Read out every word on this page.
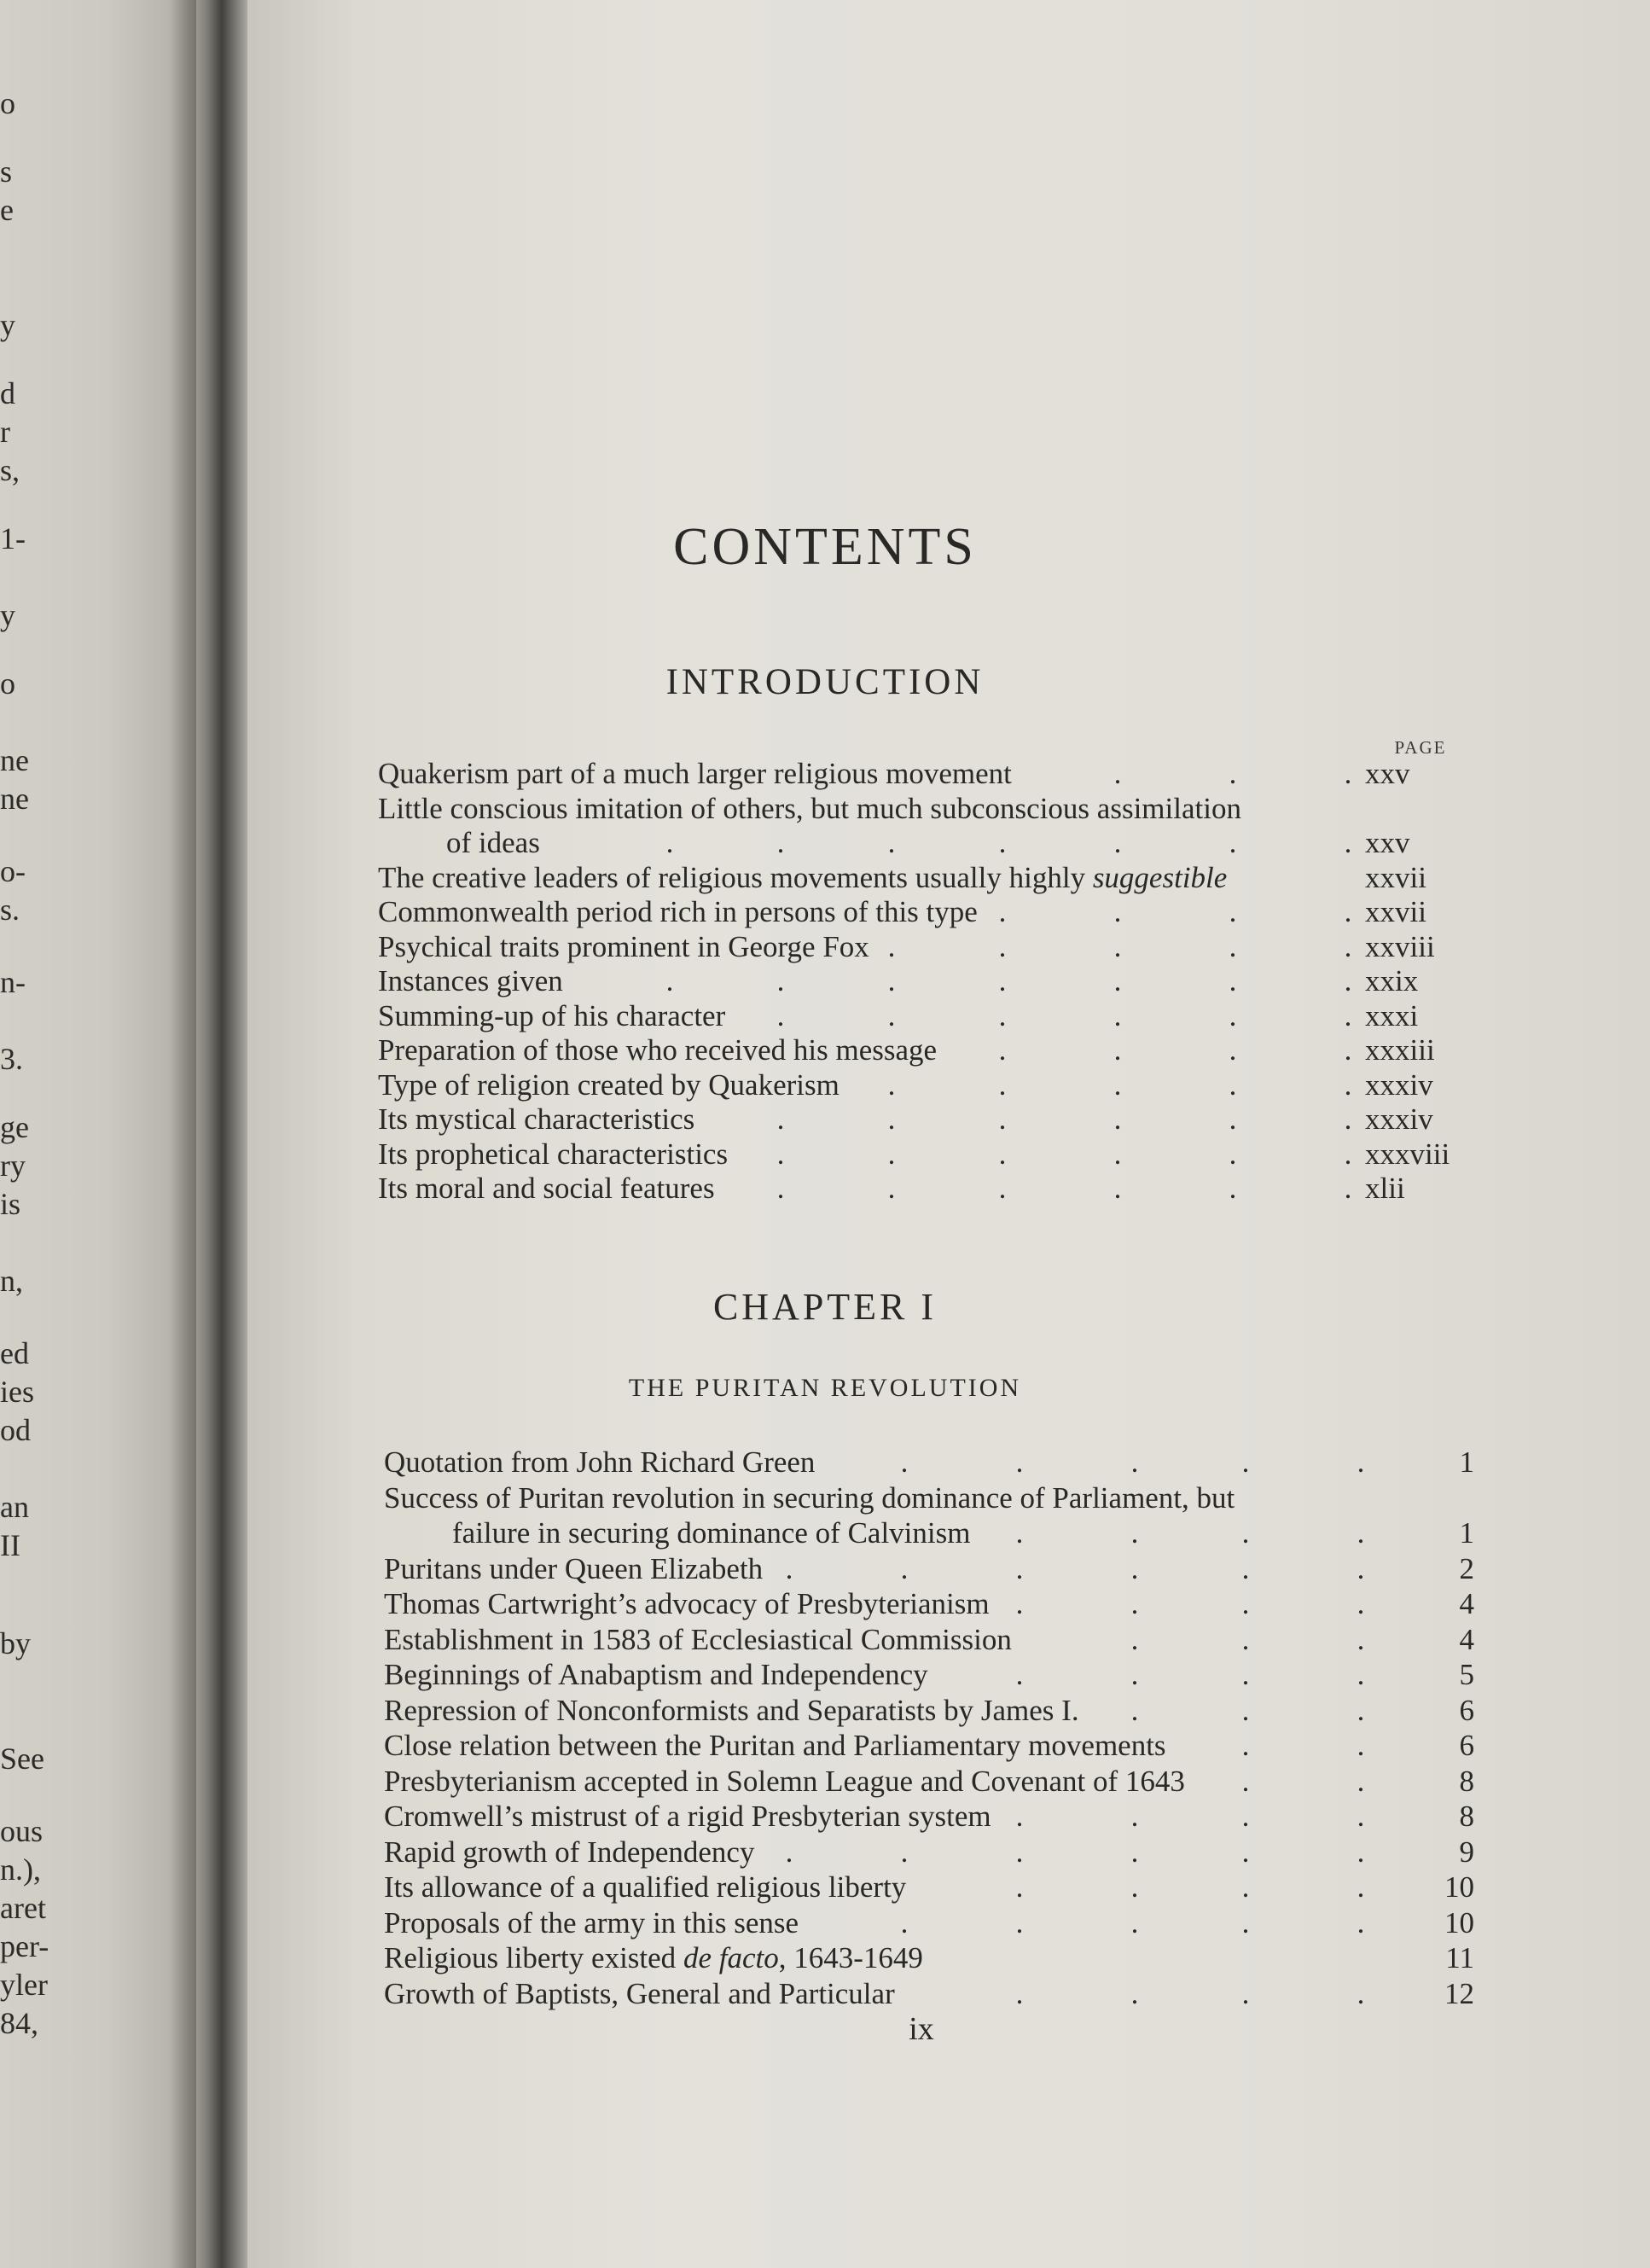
CONTENTS
INTRODUCTION
PAGE
CHAPTER I
THE PURITAN REVOLUTION
ix
o
s
e
y
d
r
s,
1-
y
o
ne
ne
o-
s.
n-
3.
ge
ry
is
n,
ed
ies
od
an
II
by
See
ous
n.),
aret
per-
yler
84,
Quakerism part of a much larger religious movement	xxv
.	.	.
Little conscious imitation of others, but much subconscious assimilation
of ideas	xxv
.	.	.	.	.	.	.
The creative leaders of religious movements usually highly suggestible	xxvii
Commonwealth period rich in persons of this type	xxvii
.	.	.	.
Psychical traits prominent in George Fox	xxviii
.	.	.	.	.
Instances given	xxix
.	.	.	.	.	.	.
Summing-up of his character	xxxi
.	.	.	.	.	.
Preparation of those who received his message	xxxiii
.	.	.	.
Type of religion created by Quakerism	xxxiv
.	.	.	.	.
Its mystical characteristics	xxxiv
.	.	.	.	.	.
Its prophetical characteristics	xxxviii
.	.	.	.	.	.
Its moral and social features	xlii
.	.	.	.	.	.
Quotation from John Richard Green	1
.	.	.	.	.
Success of Puritan revolution in securing dominance of Parliament, but
failure in securing dominance of Calvinism	1
.	.	.	.
Puritans under Queen Elizabeth	2
.	.	.	.	.	.
Thomas Cartwright’s advocacy of Presbyterianism	4
.	.	.	.
Establishment in 1583 of Ecclesiastical Commission	4
.	.	.
Beginnings of Anabaptism and Independency	5
.	.	.	.
Repression of Nonconformists and Separatists by James I.	6
.	.	.
Close relation between the Puritan and Parliamentary movements	6
.	.
Presbyterianism accepted in Solemn League and Covenant of 1643	8
.	.
Cromwell’s mistrust of a rigid Presbyterian system	8
.	.	.	.
Rapid growth of Independency	9
.	.	.	.	.	.
Its allowance of a qualified religious liberty	10
.	.	.	.
Proposals of the army in this sense	10
.	.	.	.	.
Religious liberty existed de facto, 1643-1649	11
Growth of Baptists, General and Particular	12
.	.	.	.
